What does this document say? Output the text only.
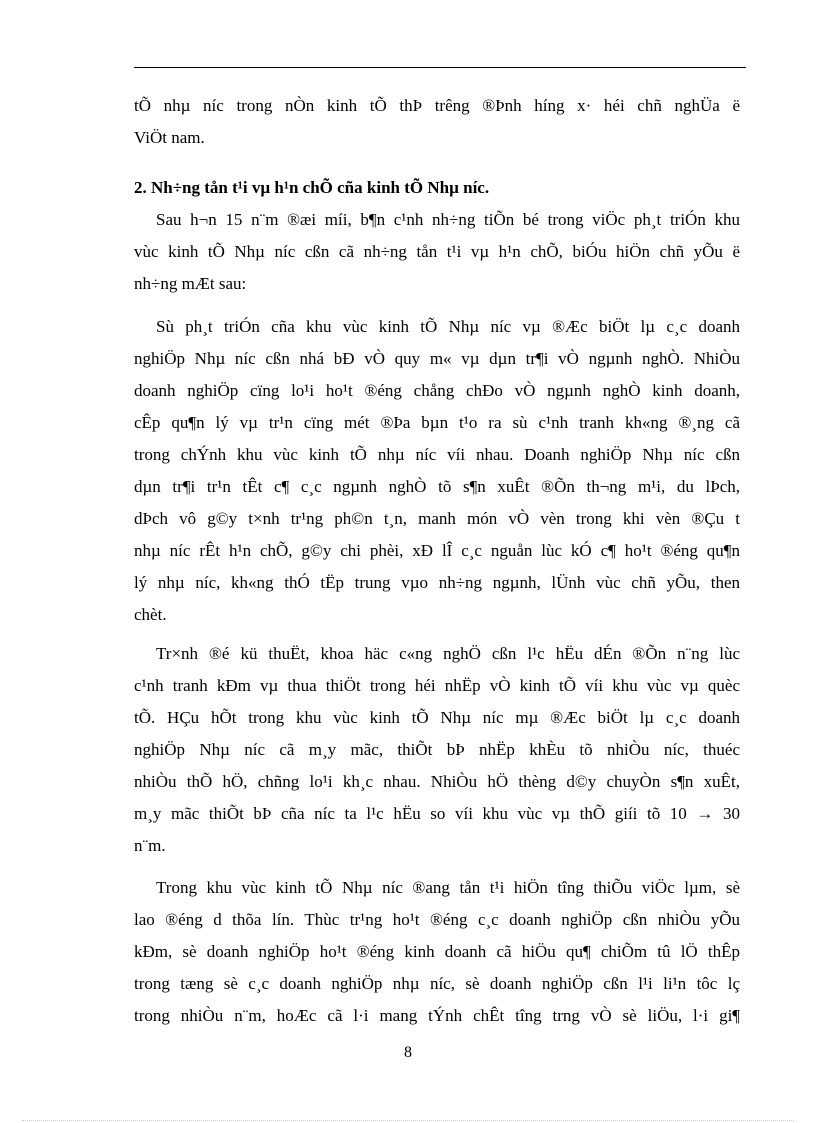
tÕ nhµ níc trong nÒn kinh tÕ thÞ trêng ®Þnh híng x· héi chñ nghÜa ë
ViÖt nam.
2. Nh÷ng tån t¹i vµ h¹n chÕ cña kinh tÕ Nhµ níc.
Sau h¬n 15 n¨m ®æi míi, b¶n c¹nh nh÷ng tiÕn bé trong viÖc ph¸t triÓn khu
vùc kinh tÕ Nhµ níc cßn cã nh÷ng tån t¹i vµ h¹n chÕ, biÓu hiÖn chñ yÕu ë
nh÷ng mÆt sau:
Sù ph¸t triÓn cña khu vùc kinh tÕ Nhµ níc vµ ®Æc biÖt lµ c¸c doanh
nghiÖp Nhµ níc cßn nhá bÐ vÒ quy m« vµ dµn tr¶i vÒ ngµnh nghÒ. NhiÒu
doanh nghiÖp cïng lo¹i ho¹t ®éng chång chÐo vÒ ngµnh nghÒ kinh doanh,
cÊp qu¶n lý vµ tr¹n cïng mét ®Þa bµn t¹o ra sù c¹nh tranh kh«ng ®¸ng cã
trong chÝnh khu vùc kinh tÕ nhµ níc víi nhau. Doanh nghiÖp Nhµ níc cßn
dµn tr¶i tr¹n tÊt c¶ c¸c ngµnh nghÒ tõ s¶n xuÊt ®Õn th¬ng m¹i, du lÞch,
dÞch vô g©y t×nh tr¹ng ph©n t¸n, manh món vÒ vèn trong khi vèn ®Çu t
nhµ níc rÊt h¹n chÕ, g©y chi phèi, xÐ lÎ c¸c nguån lùc kÓ c¶ ho¹t ®éng qu¶n
lý nhµ níc, kh«ng thÓ tËp trung vµo nh÷ng ngµnh, lÜnh vùc chñ yÕu, then
chèt.
Tr×nh ®é kü thuËt, khoa häc c«ng nghÖ cßn l¹c hËu dÉn ®Õn n¨ng lùc
c¹nh tranh kÐm vµ thua thiÖt trong héi nhËp vÒ kinh tÕ víi khu vùc vµ quèc
tÕ. HÇu hÕt trong khu vùc kinh tÕ Nhµ níc mµ ®Æc biÖt lµ c¸c doanh
nghiÖp Nhµ níc cã m¸y mãc, thiÕt bÞ nhËp khÈu tõ nhiÒu níc, thuéc
nhiÒu thÕ hÖ, chñng lo¹i kh¸c nhau. NhiÒu hÖ thèng d©y chuyÒn s¶n xuÊt,
m¸y mãc thiÕt bÞ cña níc ta l¹c hËu so víi khu vùc vµ thÕ giíi tõ 10 → 30
n¨m.
Trong khu vùc kinh tÕ Nhµ níc ®ang tån t¹i hiÖn tîng thiÕu viÖc lµm, sè
lao ®éng d thõa lín. Thùc tr¹ng ho¹t ®éng c¸c doanh nghiÖp cßn nhiÒu yÕu
kÐm, sè doanh nghiÖp ho¹t ®éng kinh doanh cã hiÖu qu¶ chiÕm tû lÖ thÊp
trong tæng sè c¸c doanh nghiÖp nhµ níc, sè doanh nghiÖp cßn l¹i li¹n tôc lç
trong nhiÒu n¨m, hoÆc cã l·i mang tÝnh chÊt tîng trng vÒ sè liÖu, l·i gi¶
8
